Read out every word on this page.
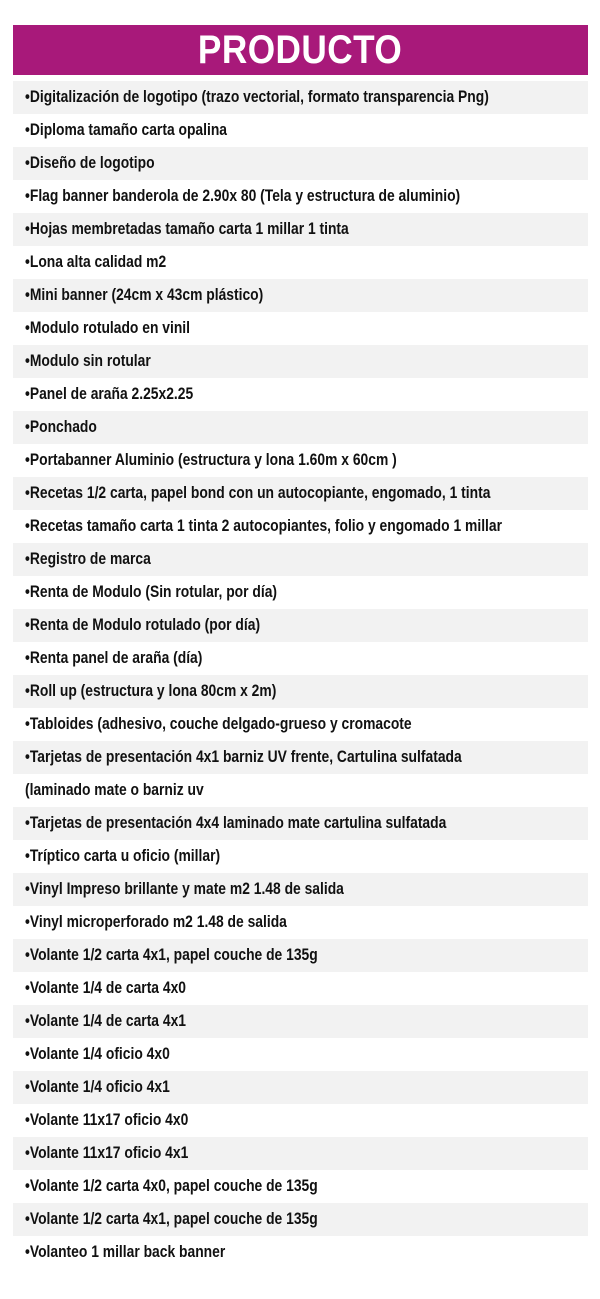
PRODUCTO
•Digitalización de logotipo (trazo vectorial, formato transparencia Png)
•Diploma tamaño carta opalina
•Diseño de logotipo
•Flag banner banderola de 2.90x 80 (Tela y estructura de aluminio)
•Hojas membretadas tamaño carta 1 millar 1 tinta
•Lona alta calidad m2
•Mini banner (24cm x 43cm plástico)
•Modulo rotulado en vinil
•Modulo sin rotular
•Panel de araña 2.25x2.25
•Ponchado
•Portabanner Aluminio (estructura y lona 1.60m x 60cm )
•Recetas 1/2 carta, papel bond con un autocopiante, engomado, 1 tinta
•Recetas tamaño carta 1 tinta 2 autocopiantes, folio y engomado 1 millar
•Registro de marca
•Renta de Modulo (Sin rotular, por día)
•Renta de Modulo rotulado (por día)
•Renta panel de araña (día)
•Roll up (estructura y lona 80cm x 2m)
•Tabloides (adhesivo, couche delgado-grueso y cromacote
•Tarjetas de presentación 4x1 barniz UV frente, Cartulina sulfatada
(laminado mate o barniz uv
•Tarjetas de presentación 4x4 laminado mate cartulina sulfatada
•Tríptico carta u oficio (millar)
•Vinyl Impreso brillante y mate m2 1.48 de salida
•Vinyl microperforado m2 1.48 de salida
•Volante 1/2 carta 4x1, papel couche de 135g
•Volante 1/4 de carta 4x0
•Volante 1/4 de carta 4x1
•Volante 1/4 oficio 4x0
•Volante 1/4 oficio 4x1
•Volante 11x17 oficio 4x0
•Volante 11x17 oficio 4x1
•Volante 1/2 carta 4x0, papel couche de 135g
•Volante 1/2 carta 4x1, papel couche de 135g
•Volanteo 1 millar back banner
